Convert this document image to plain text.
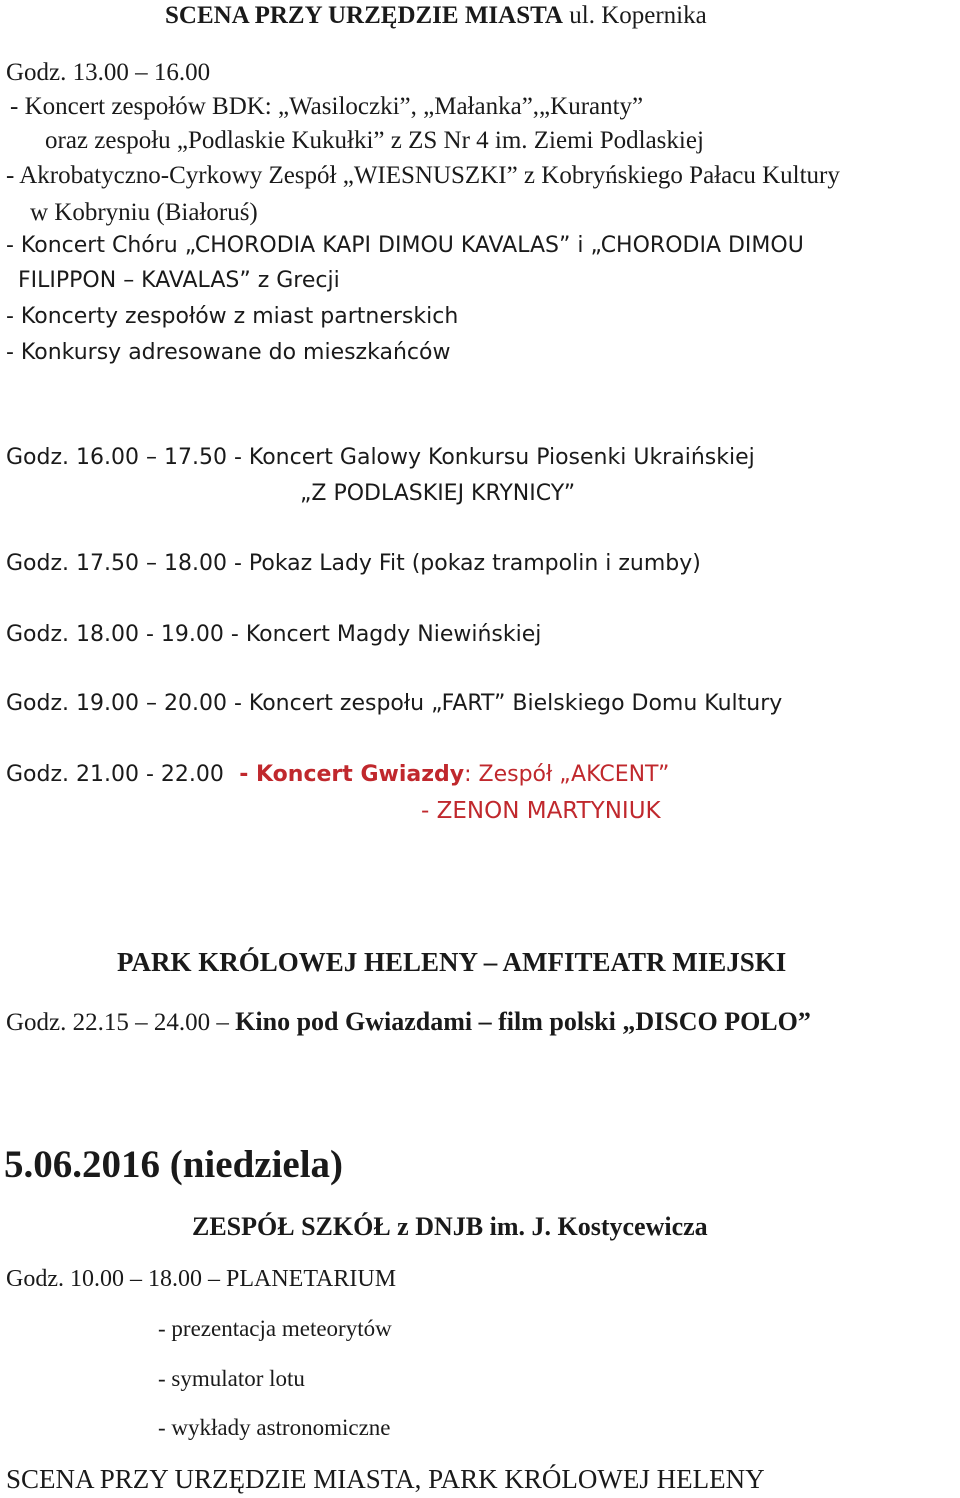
SCENA PRZY URZĘDZIE MIASTA ul. Kopernika
Godz. 13.00 – 16.00
- Koncert zespołów BDK: „Wasiloczki”, „Małanka”,„Kuranty”
oraz zespołu „Podlaskie Kukułki” z ZS Nr 4 im. Ziemi Podlaskiej
- Akrobatyczno-Cyrkowy Zespół „WIESNUSZKI” z Kobryńskiego Pałacu Kultury
w Kobryniu (Białoruś)
- Koncert Chóru „CHORODIA KAPI DIMOU KAVALAS” i „CHORODIA DIMOU
FILIPPON – KAVALAS” z Grecji
- Koncerty zespołów z miast partnerskich
- Konkursy adresowane do mieszkańców
Godz. 16.00 – 17.50 - Koncert Galowy Konkursu Piosenki Ukraińskiej
„Z PODLASKIEJ KRYNICY”
Godz. 17.50 – 18.00 - Pokaz Lady Fit (pokaz trampolin i zumby)
Godz. 18.00 - 19.00 - Koncert Magdy Niewińskiej
Godz. 19.00 – 20.00 - Koncert zespołu „FART” Bielskiego Domu Kultury
Godz. 21.00 - 22.00  - Koncert Gwiazdy: Zespół „AKCENT”
- ZENON MARTYNIUK
PARK KRÓLOWEJ HELENY – AMFITEATR MIEJSKI
Godz. 22.15 – 24.00 – Kino pod Gwiazdami – film polski „DISCO POLO”
5.06.2016 (niedziela)
ZESPÓŁ SZKÓŁ z DNJB im. J. Kostycewicza
Godz. 10.00 – 18.00 – PLANETARIUM
- prezentacja meteorytów
- symulator lotu
- wykłady astronomiczne
SCENA PRZY URZĘDZIE MIASTA, PARK KRÓLOWEJ HELENY
